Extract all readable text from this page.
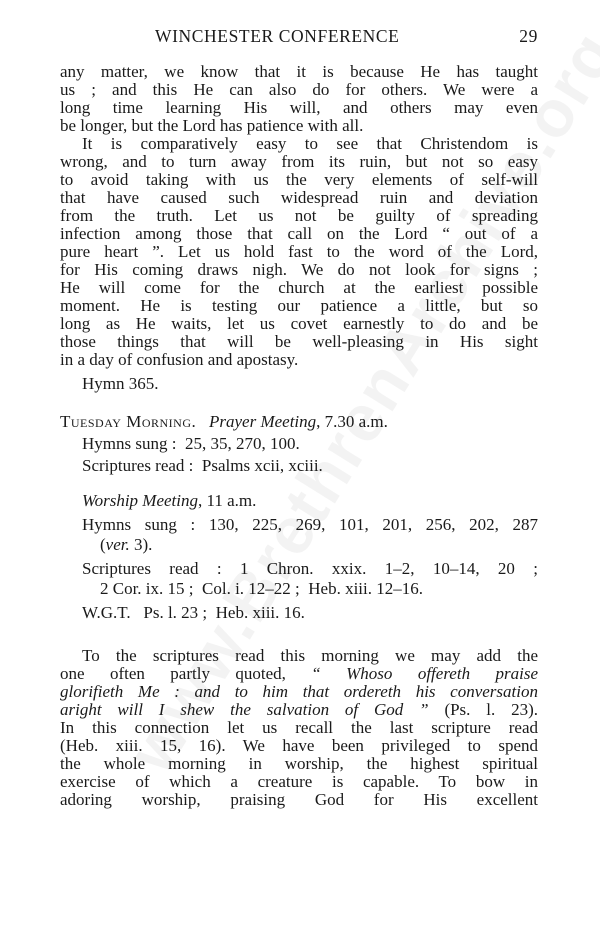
WINCHESTER CONFERENCE	29
any matter, we know that it is because He has taught
us ; and this He can also do for others. We were a
long time learning His will, and others may even
be longer, but the Lord has patience with all.
It is comparatively easy to see that Christendom is
wrong, and to turn away from its ruin, but not so easy
to avoid taking with us the very elements of self-will
that have caused such widespread ruin and deviation
from the truth. Let us not be guilty of spreading
infection among those that call on the Lord “ out of a
pure heart ”. Let us hold fast to the word of the Lord,
for His coming draws nigh. We do not look for signs ;
He will come for the church at the earliest possible
moment. He is testing our patience a little, but so
long as He waits, let us covet earnestly to do and be
those things that will be well-pleasing in His sight
in a day of confusion and apostasy.
Hymn 365.
Tuesday Morning. Prayer Meeting, 7.30 a.m.
Hymns sung :  25, 35, 270, 100.
Scriptures read :  Psalms xcii, xciii.
Worship Meeting, 11 a.m.
Hymns sung : 130, 225, 269, 101, 201, 256, 202, 287
(ver. 3).
Scriptures read : 1 Chron. xxix. 1–2, 10–14, 20 ;
2 Cor. ix. 15 ;  Col. i. 12–22 ;  Heb. xiii. 12–16.
W.G.T.   Ps. l. 23 ;  Heb. xiii. 16.
To the scriptures read this morning we may add the
one often partly quoted, “ Whoso offereth praise
glorifieth Me : and to him that ordereth his conversation
aright will I shew the salvation of God ” (Ps. l. 23).
In this connection let us recall the last scripture read
(Heb. xiii. 15, 16). We have been privileged to spend
the whole morning in worship, the highest spiritual
exercise of which a creature is capable. To bow in
adoring worship, praising God for His excellent
